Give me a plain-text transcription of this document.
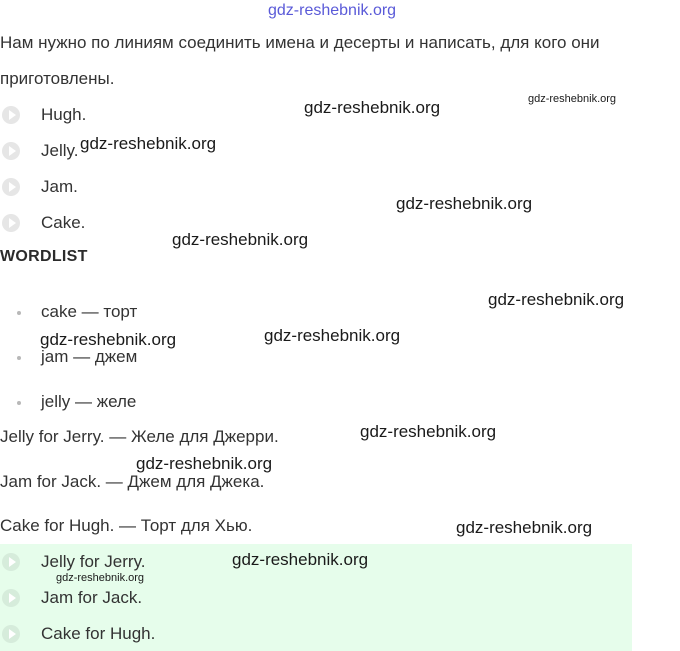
gdz-reshebnik.org
Нам нужно по линиям соединить имена и десерты и написать, для кого они приготовлены.
Hugh.
Jelly.
Jam.
Cake.
WORDLIST
cake — торт
jam — джем
jelly — желе
Jelly for Jerry. — Желе для Джерри.
Jam for Jack. — Джем для Джека.
Cake for Hugh. — Торт для Хью.
Jelly for Jerry.
Jam for Jack.
Cake for Hugh.
gdz-reshebnik.org	gdz-reshebnik.org
gdz-reshebnik.org
gdz-reshebnik.org
gdz-reshebnik.org
gdz-reshebnik.org
gdz-reshebnik.org	gdz-reshebnik.org
gdz-reshebnik.org
gdz-reshebnik.org
gdz-reshebnik.org
gdz-reshebnik.org
gdz-reshebnik.org
